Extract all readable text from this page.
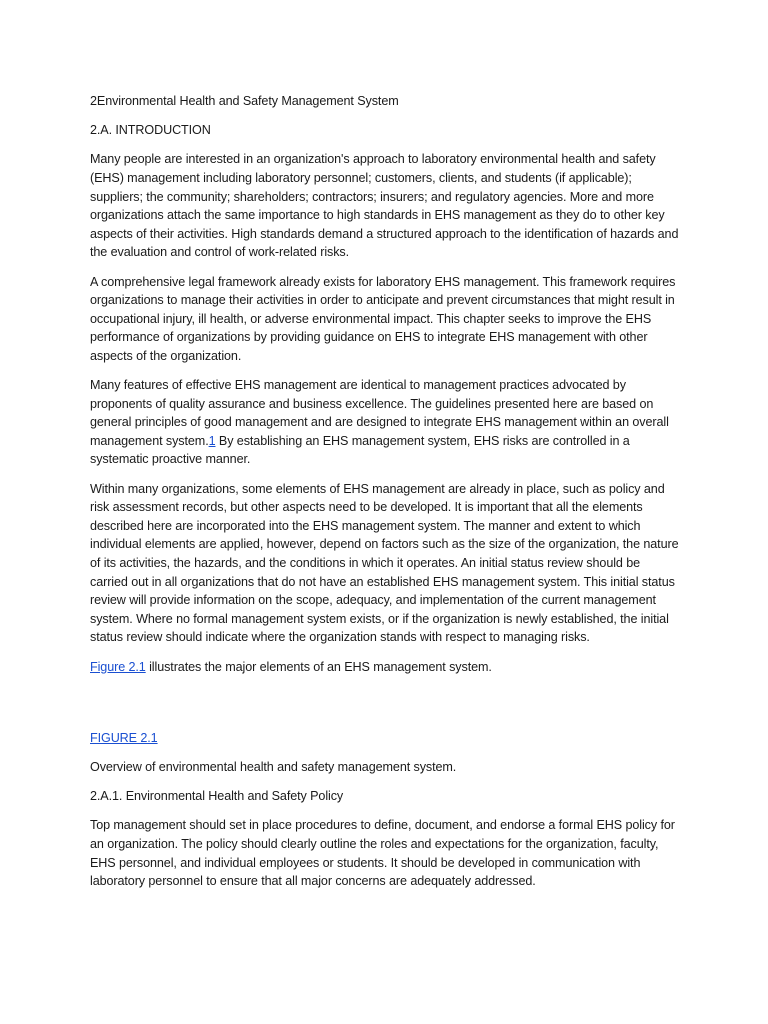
2Environmental Health and Safety Management System

2.A. INTRODUCTION

Many people are interested in an organization's approach to laboratory environmental health and safety (EHS) management including laboratory personnel; customers, clients, and students (if applicable); suppliers; the community; shareholders; contractors; insurers; and regulatory agencies. More and more organizations attach the same importance to high standards in EHS management as they do to other key aspects of their activities. High standards demand a structured approach to the identification of hazards and the evaluation and control of work-related risks.

A comprehensive legal framework already exists for laboratory EHS management. This framework requires organizations to manage their activities in order to anticipate and prevent circumstances that might result in occupational injury, ill health, or adverse environmental impact. This chapter seeks to improve the EHS performance of organizations by providing guidance on EHS to integrate EHS management with other aspects of the organization.

Many features of effective EHS management are identical to management practices advocated by proponents of quality assurance and business excellence. The guidelines presented here are based on general principles of good management and are designed to integrate EHS management within an overall management system.1 By establishing an EHS management system, EHS risks are controlled in a systematic proactive manner.

Within many organizations, some elements of EHS management are already in place, such as policy and risk assessment records, but other aspects need to be developed. It is important that all the elements described here are incorporated into the EHS management system. The manner and extent to which individual elements are applied, however, depend on factors such as the size of the organization, the nature of its activities, the hazards, and the conditions in which it operates. An initial status review should be carried out in all organizations that do not have an established EHS management system. This initial status review will provide information on the scope, adequacy, and implementation of the current management system. Where no formal management system exists, or if the organization is newly established, the initial status review should indicate where the organization stands with respect to managing risks.

Figure 2.1 illustrates the major elements of an EHS management system.

FIGURE 2.1

Overview of environmental health and safety management system.

2.A.1. Environmental Health and Safety Policy

Top management should set in place procedures to define, document, and endorse a formal EHS policy for an organization. The policy should clearly outline the roles and expectations for the organization, faculty, EHS personnel, and individual employees or students. It should be developed in communication with laboratory personnel to ensure that all major concerns are adequately addressed.
